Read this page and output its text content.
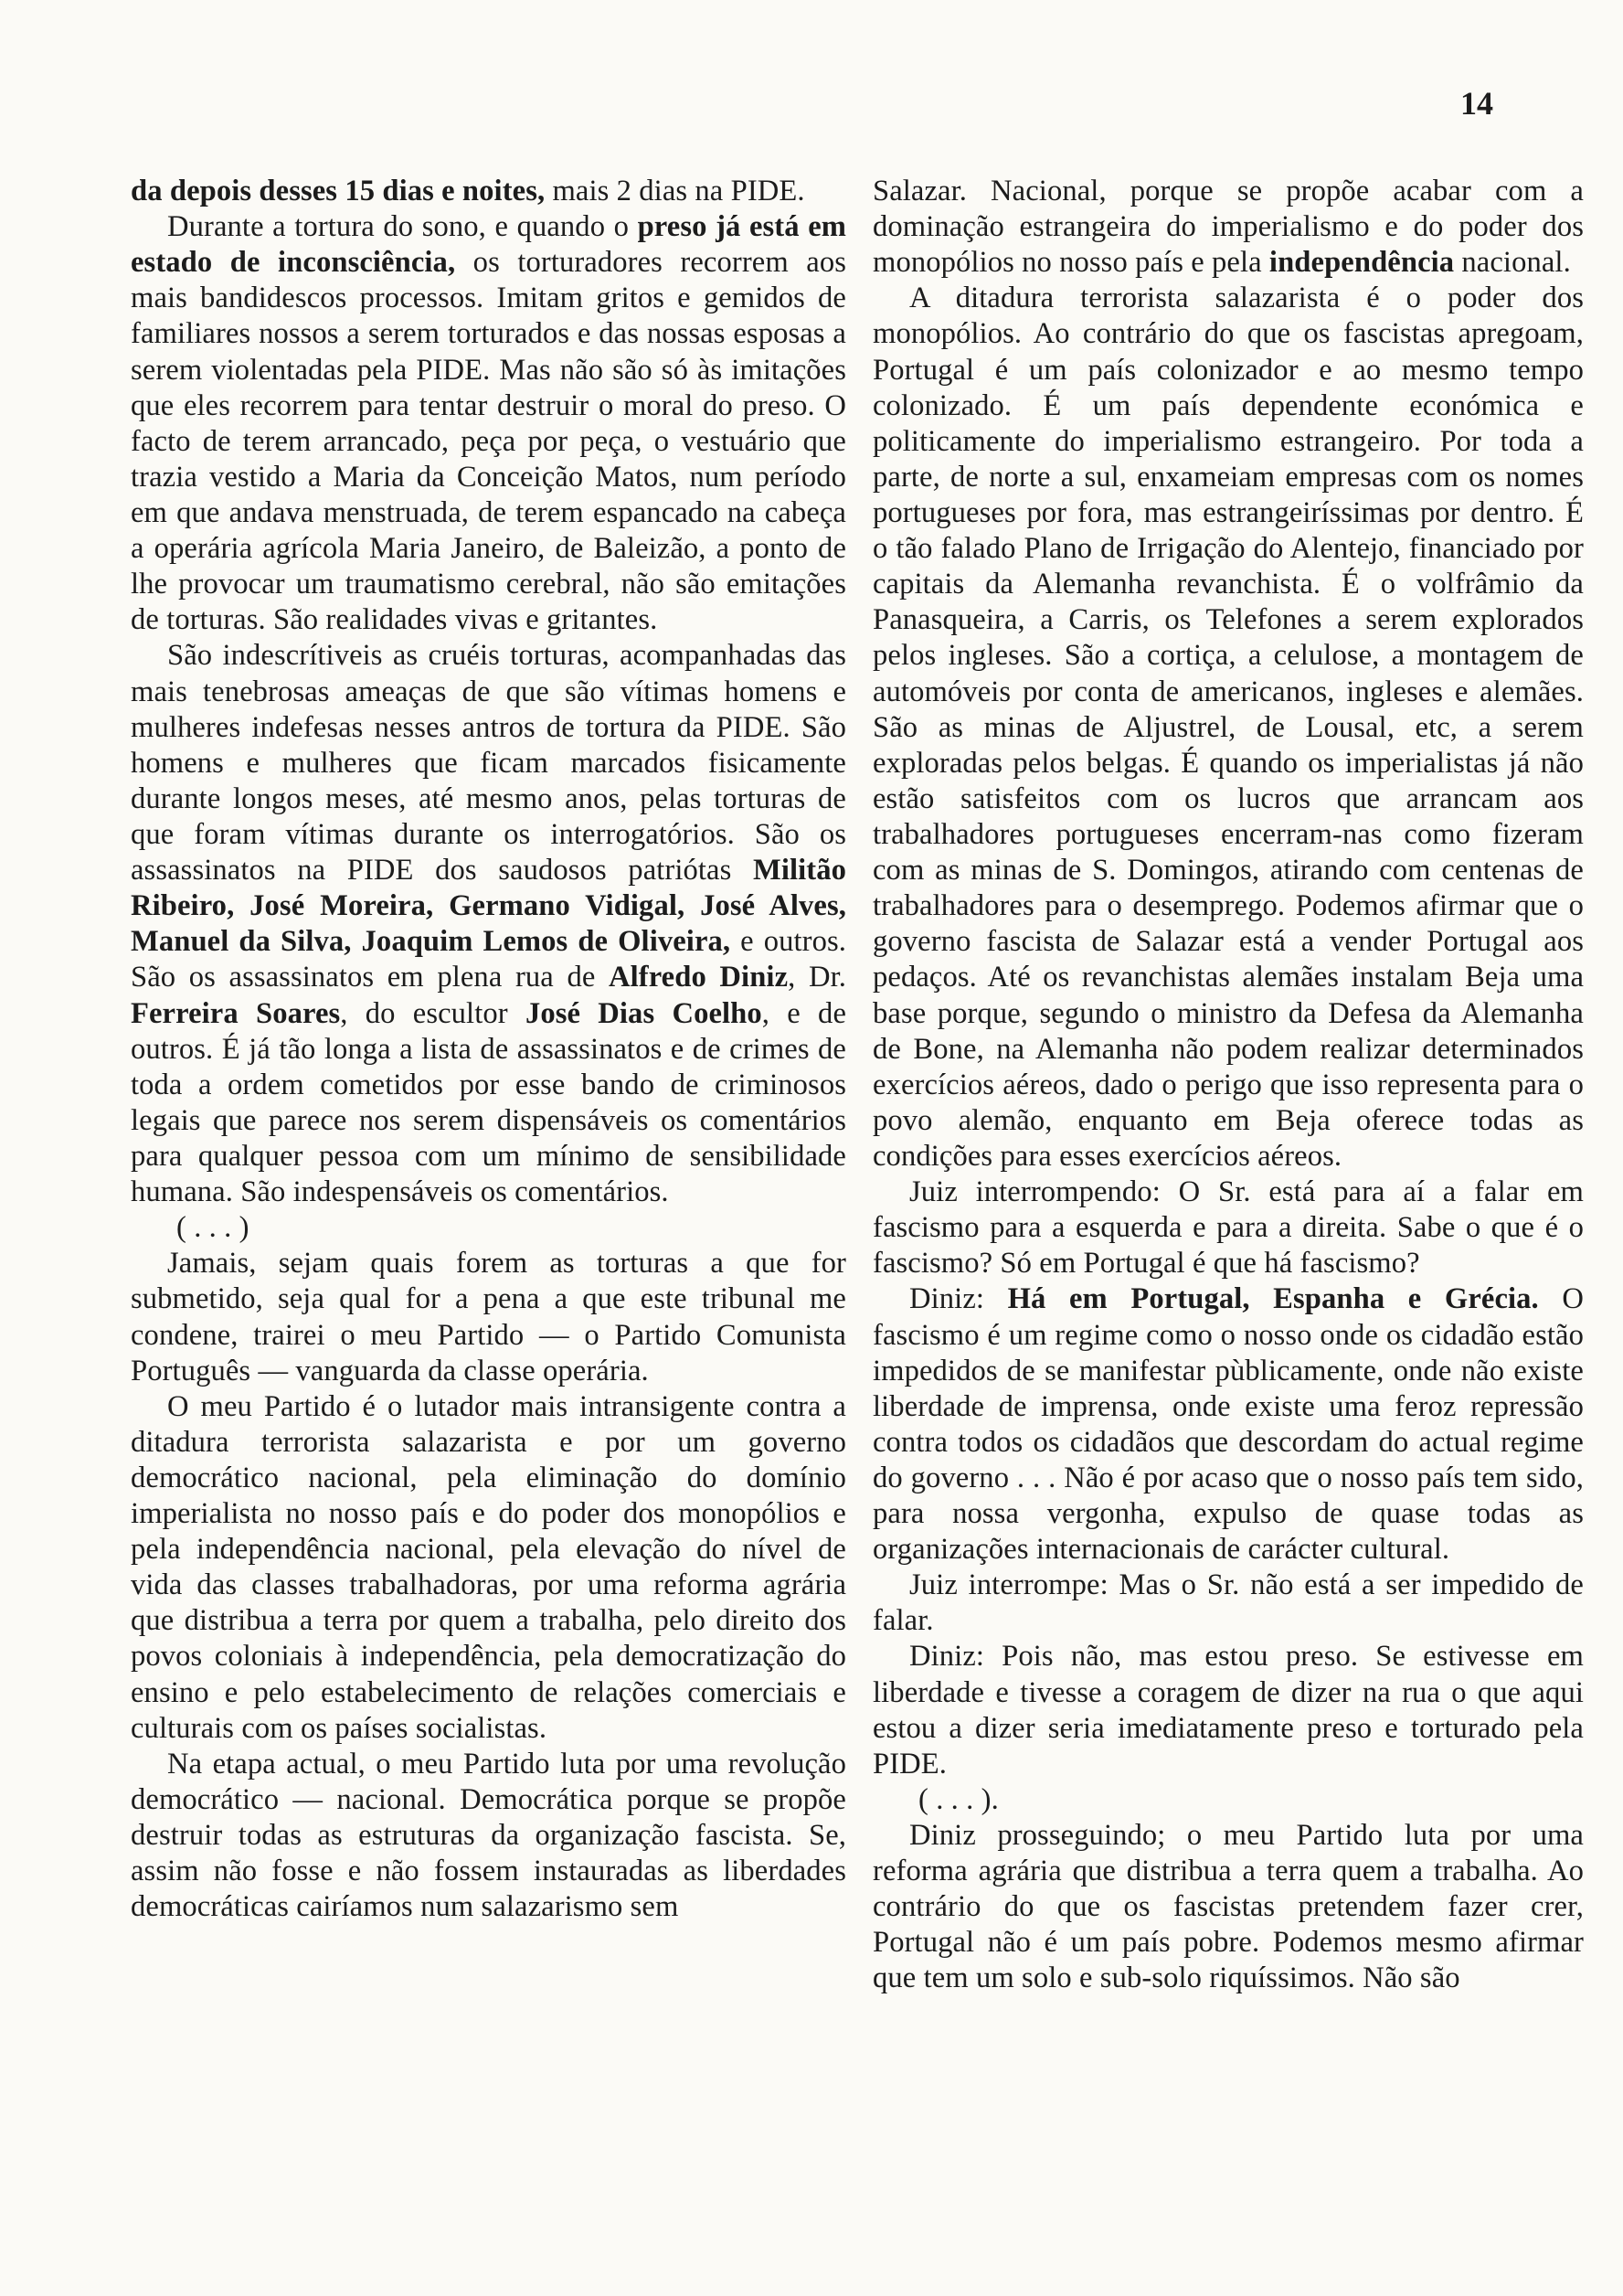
14

da depois desses 15 dias e noites, mais 2 dias na PIDE.

Durante a tortura do sono, e quando o preso já está em estado de inconsciência, os torturadores recorrem aos mais bandidescos processos. Imitam gritos e gemidos de familiares nossos a serem torturados e das nossas esposas a serem violentadas pela PIDE. Mas não são só às imitações que eles recorrem para tentar destruir o moral do preso. O facto de terem arrancado, peça por peça, o vestuário que trazia vestido a Maria da Conceição Matos, num período em que andava menstruada, de terem espancado na cabeça a operária agrícola Maria Janeiro, de Baleizão, a ponto de lhe provocar um traumatismo cerebral, não são emitações de torturas. São realidades vivas e gritantes.

São indescrítiveis as cruéis torturas, acompanhadas das mais tenebrosas ameaças de que são vítimas homens e mulheres indefesas nesses antros de tortura da PIDE. São homens e mulheres que ficam marcados fisicamente durante longos meses, até mesmo anos, pelas torturas de que foram vítimas durante os interrogatórios. São os assassinatos na PIDE dos saudosos patriótas Militão Ribeiro, José Moreira, Germano Vidigal, José Alves, Manuel da Silva, Joaquim Lemos de Oliveira, e outros. São os assassinatos em plena rua de Alfredo Diniz, Dr. Ferreira Soares, do escultor José Dias Coelho, e de outros. É já tão longa a lista de assassinatos e de crimes de toda a ordem cometidos por esse bando de criminosos legais que parece nos serem dispensáveis os comentários para qualquer pessoa com um mínimo de sensibilidade humana. São indespensáveis os comentários.

( . . . )

Jamais, sejam quais forem as torturas a que for submetido, seja qual for a pena a que este tribunal me condene, trairei o meu Partido — o Partido Comunista Português — vanguarda da classe operária.

O meu Partido é o lutador mais intransigente contra a ditadura terrorista salazarista e por um governo democrático nacional, pela eliminação do domínio imperialista no nosso país e do poder dos monopólios e pela independência nacional, pela elevação do nível de vida das classes trabalhadoras, por uma reforma agrária que distribua a terra por quem a trabalha, pelo direito dos povos coloniais à independência, pela democratização do ensino e pelo estabelecimento de relações comerciais e culturais com os países socialistas.

Na etapa actual, o meu Partido luta por uma revolução democrático — nacional. Democrática porque se propõe destruir todas as estruturas da organização fascista. Se, assim não fosse e não fossem instauradas as liberdades democráticas cairíamos num salazarismo sem

Salazar. Nacional, porque se propõe acabar com a dominação estrangeira do imperialismo e do poder dos monopólios no nosso país e pela independência nacional.

A ditadura terrorista salazarista é o poder dos monopólios. Ao contrário do que os fascistas apregoam, Portugal é um país colonizador e ao mesmo tempo colonizado. É um país dependente económica e politicamente do imperialismo estrangeiro. Por toda a parte, de norte a sul, enxameiam empresas com os nomes portugueses por fora, mas estrangeiríssimas por dentro. É o tão falado Plano de Irrigação do Alentejo, financiado por capitais da Alemanha revanchista. É o volfrâmio da Panasqueira, a Carris, os Telefones a serem explorados pelos ingleses. São a cortiça, a celulose, a montagem de automóveis por conta de americanos, ingleses e alemães. São as minas de Aljustrel, de Lousal, etc, a serem exploradas pelos belgas. É quando os imperialistas já não estão satisfeitos com os lucros que arrancam aos trabalhadores portugueses encerram-nas como fizeram com as minas de S. Domingos, atirando com centenas de trabalhadores para o desemprego. Podemos afirmar que o governo fascista de Salazar está a vender Portugal aos pedaços. Até os revanchistas alemães instalam Beja uma base porque, segundo o ministro da Defesa da Alemanha de Bone, na Alemanha não podem realizar determinados exercícios aéreos, dado o perigo que isso representa para o povo alemão, enquanto em Beja oferece todas as condições para esses exercícios aéreos.

Juiz interrompendo: O Sr. está para aí a falar em fascismo para a esquerda e para a direita. Sabe o que é o fascismo? Só em Portugal é que há fascismo?

Diniz: Há em Portugal, Espanha e Grécia. O fascismo é um regime como o nosso onde os cidadão estão impedidos de se manifestar pùblicamente, onde não existe liberdade de imprensa, onde existe uma feroz repressão contra todos os cidadãos que descordam do actual regime do governo . . . Não é por acaso que o nosso país tem sido, para nossa vergonha, expulso de quase todas as organizações internacionais de carácter cultural.

Juiz interrompe: Mas o Sr. não está a ser impedido de falar.

Diniz: Pois não, mas estou preso. Se estivesse em liberdade e tivesse a coragem de dizer na rua o que aqui estou a dizer seria imediatamente preso e torturado pela PIDE.

( . . . ).

Diniz prosseguindo; o meu Partido luta por uma reforma agrária que distribua a terra quem a trabalha. Ao contrário do que os fascistas pretendem fazer crer, Portugal não é um país pobre. Podemos mesmo afirmar que tem um solo e sub-solo riquíssimos. Não são
